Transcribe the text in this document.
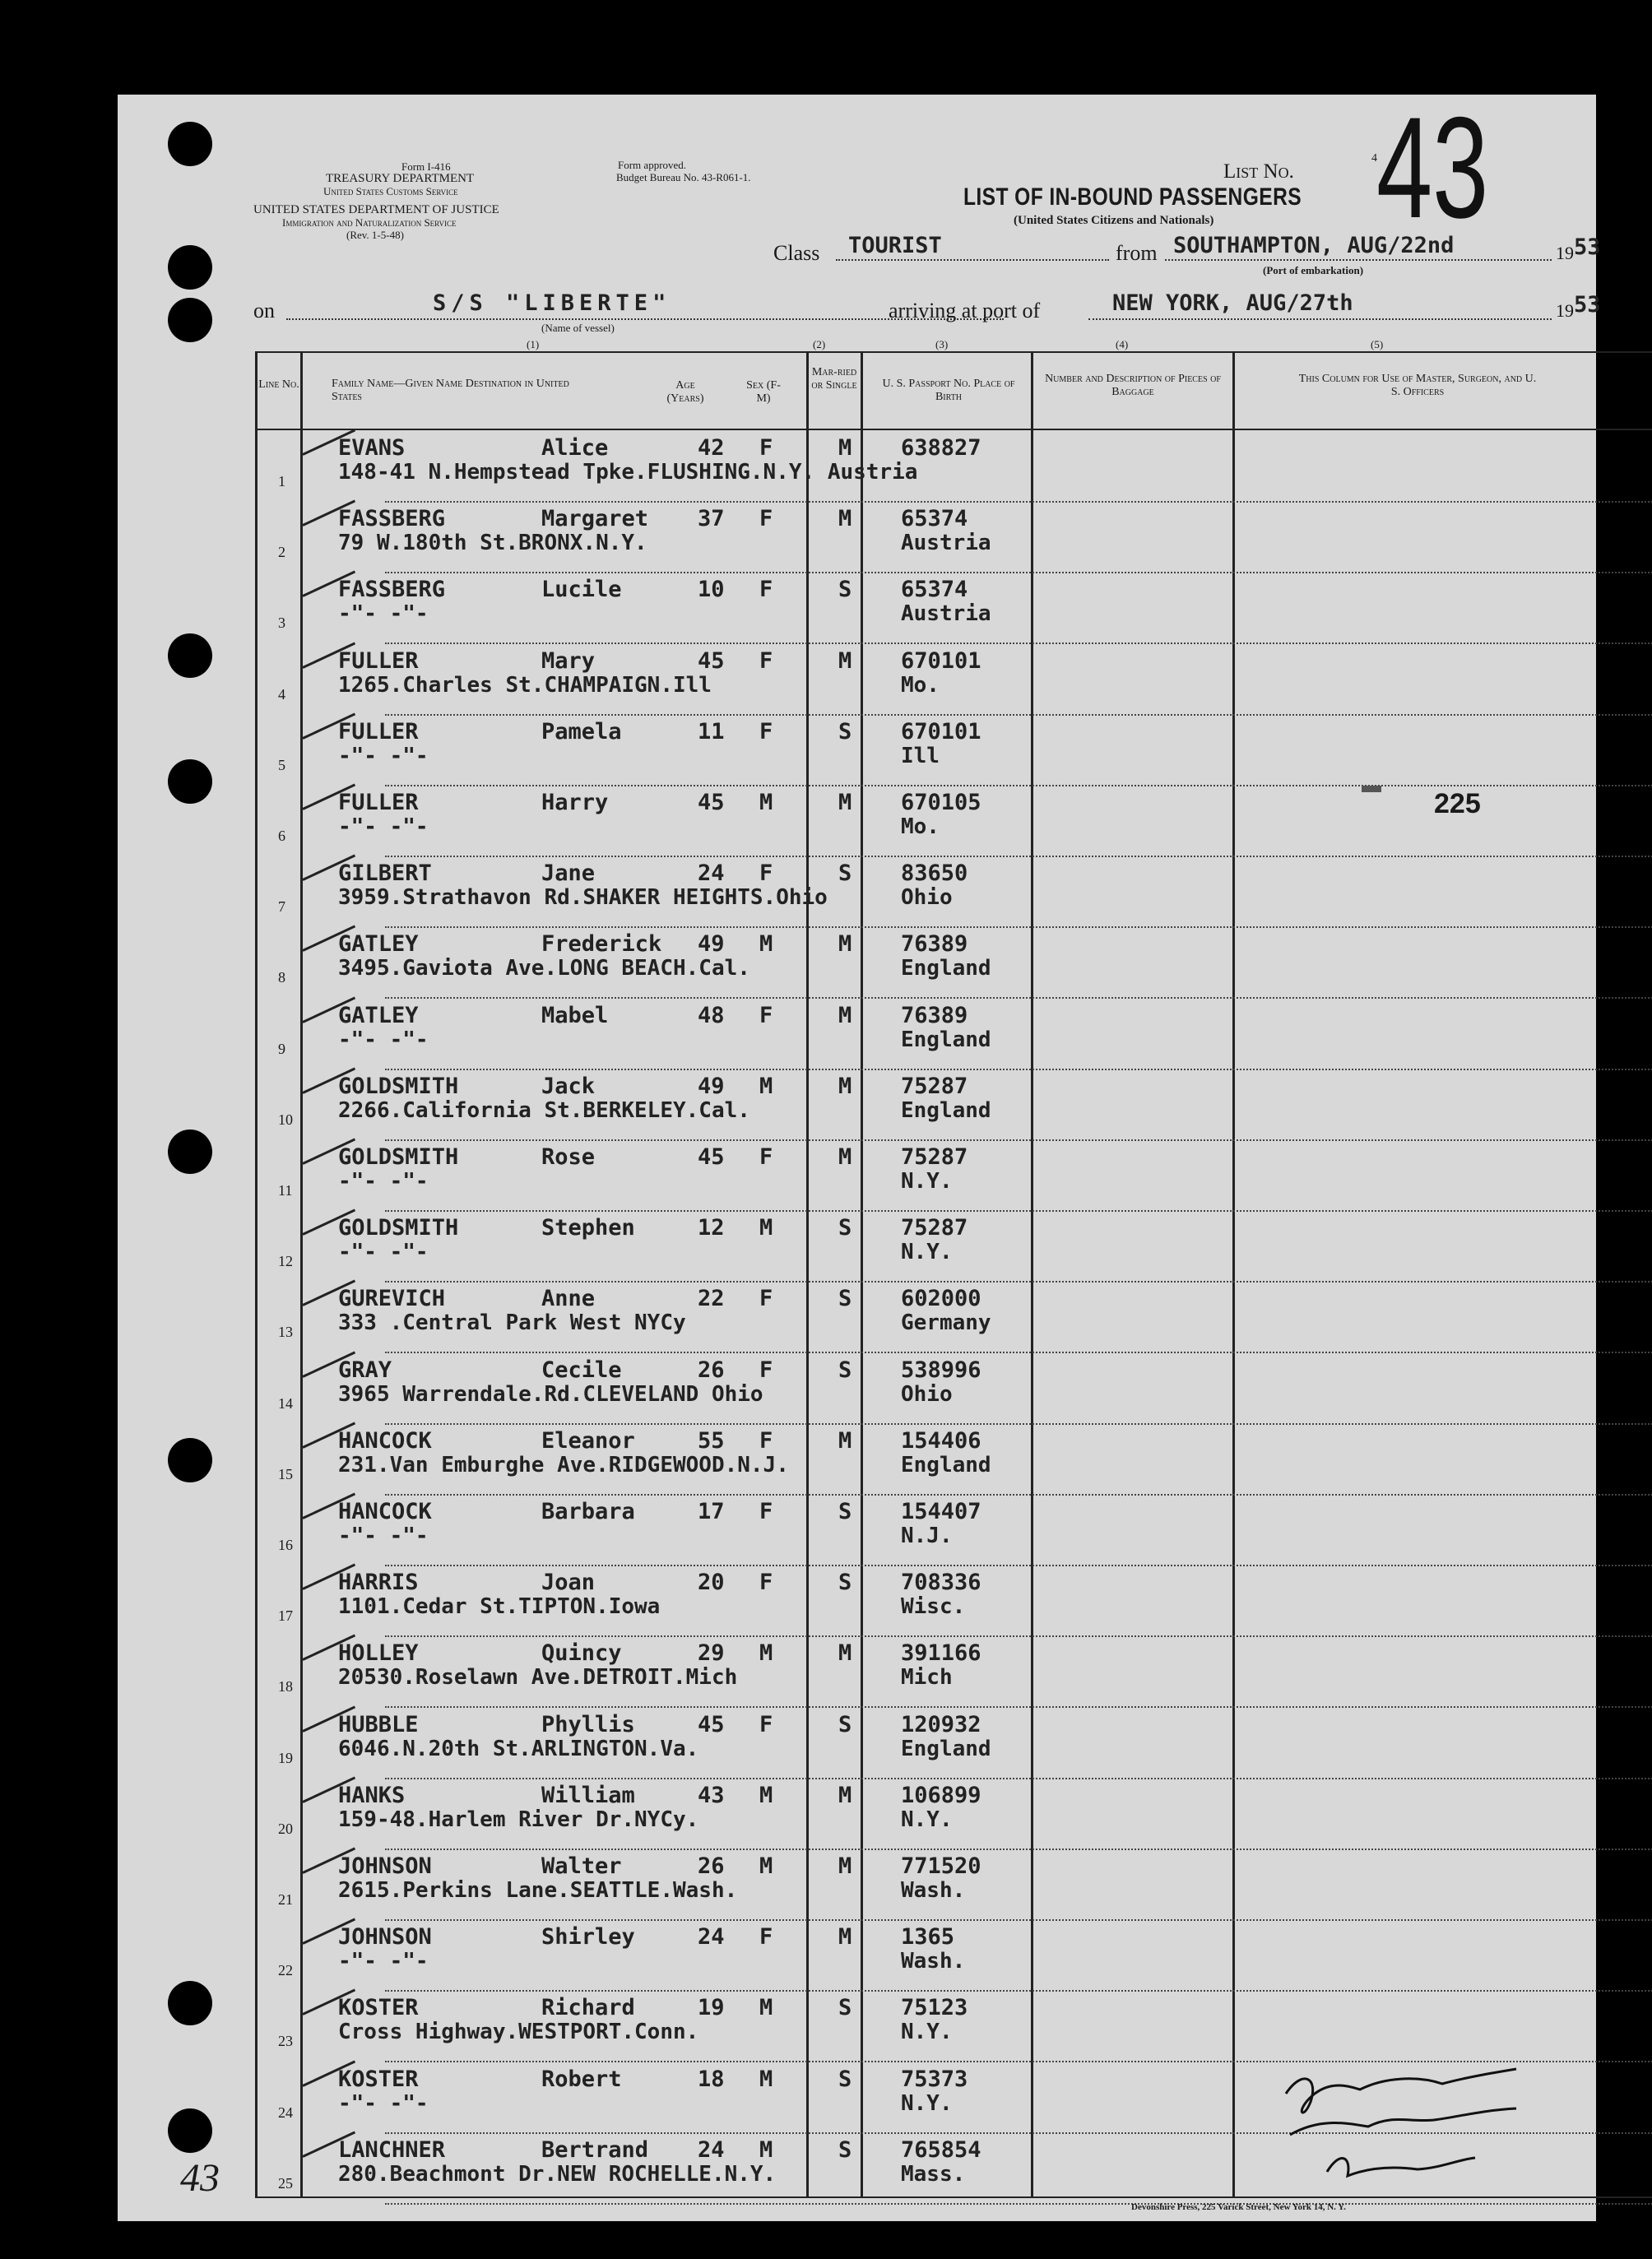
Form I-416
TREASURY DEPARTMENT
United States Customs Service
UNITED STATES DEPARTMENT OF JUSTICE
Immigration and Naturalization Service
(Rev. 1-5-48)
Form approved.
Budget Bureau No. 43-R061-1.
LIST OF IN-BOUND PASSENGERS
(United States Citizens and Nationals)
List No.
4 43
Class TOURIST	from SOUTHAMPTON, AUG/22nd	19 53
(Port of embarkation)
on	S/S "LIBERTE"
(Name of vessel)
arriving at port of	NEW YORK, AUG/27th	19 53
(1)	(2)	(3)	(4)	(5)
Line No.	Family Name—Given Name Destination in United States
Age (Years)
Sex (F-M)
Mar-ried or Single	U. S. Passport No. Place of Birth
Number and Description of Pieces of Baggage
This Column for Use of Master, Surgeon, and U. S. Officers
1
EVANS	Alice	42 F	M 638827
148-41 N.Hempstead Tpke.FLUSHING.N.Y. Austria
2
FASSBERG	Margaret 37 F	M 65374
79 W.180th St.BRONX.N.Y.	Austria
3
FASSBERG	Lucile	10 F	S 65374
-"- -"-	Austria
4
FULLER	Mary	45 F	M 670101
1265.Charles St.CHAMPAIGN.Ill	Mo.
5
FULLER	Pamela	11 F	S 670101
-"- -"-	Ill
6
FULLER	Harry	45 M	M 670105
-"- -"-	Mo.
7
GILBERT	Jane	24 F	S 83650
3959.Strathavon Rd.SHAKER HEIGHTS.Ohio	Ohio
8
GATLEY	Frederick 49 M	M 76389
3495.Gaviota Ave.LONG BEACH.Cal.	England
9
GATLEY	Mabel	48 F	M 76389
-"- -"-	England
10
GOLDSMITH	Jack	49 M	M 75287
2266.California St.BERKELEY.Cal.	England
11
GOLDSMITH	Rose	45 F	M 75287
-"- -"-	N.Y.
12
GOLDSMITH	Stephen	12 M	S 75287
-"- -"-	N.Y.
13
GUREVICH	Anne	22 F	S 602000
333 .Central Park West NYCy	Germany
14
GRAY	Cecile	26 F	S 538996
3965 Warrendale.Rd.CLEVELAND Ohio	Ohio
15
HANCOCK	Eleanor	55 F	M 154406
231.Van Emburghe Ave.RIDGEWOOD.N.J.	England
16
HANCOCK	Barbara	17 F	S 154407
-"- -"-	N.J.
17
HARRIS	Joan	20 F	S 708336
1101.Cedar St.TIPTON.Iowa	Wisc.
18
HOLLEY	Quincy	29 M	M 391166
20530.Roselawn Ave.DETROIT.Mich	Mich
19
HUBBLE	Phyllis	45 F	S 120932
6046.N.20th St.ARLINGTON.Va.	England
20
HANKS	William	43 M	M 106899
159-48.Harlem River Dr.NYCy.	N.Y.
21
JOHNSON	Walter	26 M	M 771520
2615.Perkins Lane.SEATTLE.Wash.	Wash.
22
JOHNSON	Shirley	24 F	M 1365
-"- -"-	Wash.
23
KOSTER	Richard	19 M	S 75123
Cross Highway.WESTPORT.Conn.	N.Y.
24
KOSTER	Robert	18 M	S 75373
-"- -"-	N.Y.
25
LANCHNER	Bertrand 24 M	S 765854
280.Beachmont Dr.NEW ROCHELLE.N.Y.	Mass.
225
43
Devonshire Press, 225 Varick Street, New York 14, N. Y.
